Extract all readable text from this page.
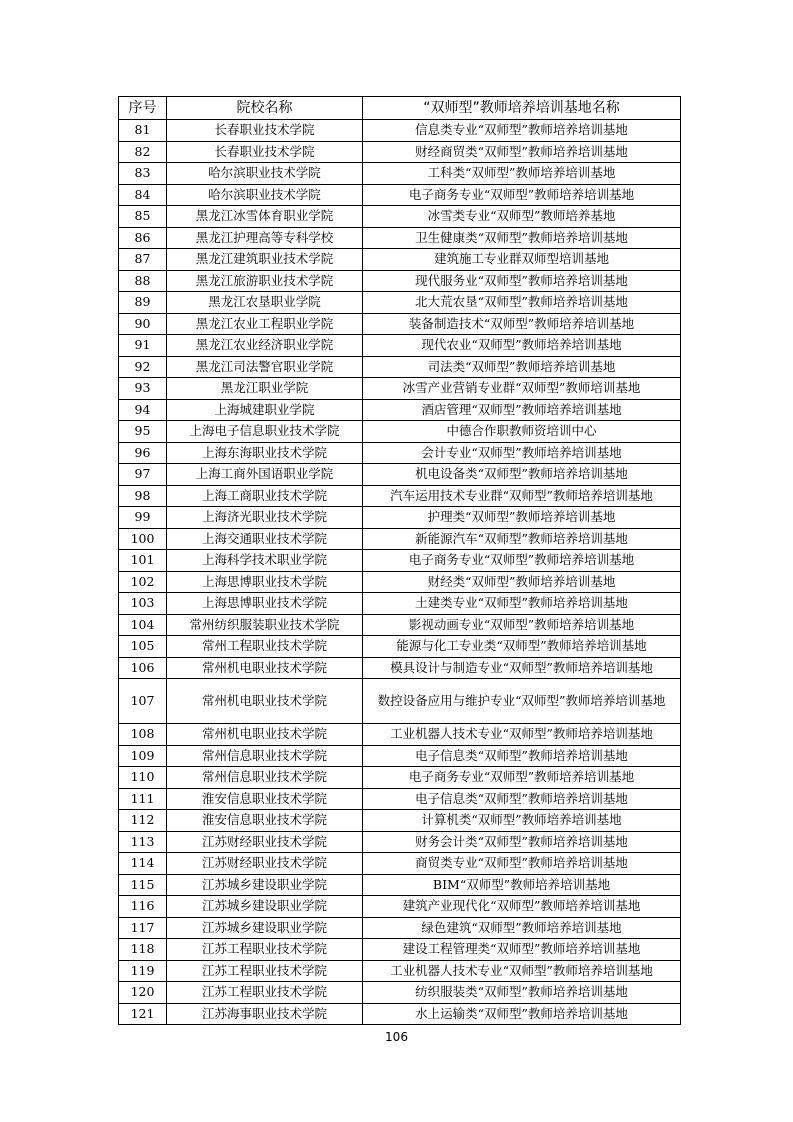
序号	院校名称	“双师型”教师培养培训基地名称
81	长春职业技术学院	信息类专业“双师型”教师培养培训基地
82	长春职业技术学院	财经商贸类“双师型”教师培养培训基地
83	哈尔滨职业技术学院	工科类“双师型”教师培养培训基地
84	哈尔滨职业技术学院	电子商务专业“双师型”教师培养培训基地
85	黑龙江冰雪体育职业学院	冰雪类专业“双师型”教师培养基地
86	黑龙江护理高等专科学校	卫生健康类“双师型”教师培养培训基地
87	黑龙江建筑职业技术学院	建筑施工专业群双师型培训基地
88	黑龙江旅游职业技术学院	现代服务业“双师型”教师培养培训基地
89	黑龙江农垦职业学院	北大荒农垦“双师型”教师培养培训基地
90	黑龙江农业工程职业学院	装备制造技术“双师型”教师培养培训基地
91	黑龙江农业经济职业学院	现代农业“双师型”教师培养培训基地
92	黑龙江司法警官职业学院	司法类“双师型”教师培养培训基地
93	黑龙江职业学院	冰雪产业营销专业群“双师型”教师培训基地
94	上海城建职业学院	酒店管理“双师型”教师培养培训基地
95	上海电子信息职业技术学院	中德合作职教师资培训中心
96	上海东海职业技术学院	会计专业“双师型”教师培养培训基地
97	上海工商外国语职业学院	机电设备类“双师型”教师培养培训基地
98	上海工商职业技术学院	汽车运用技术专业群“双师型”教师培养培训基地
99	上海济光职业技术学院	护理类“双师型”教师培养培训基地
100	上海交通职业技术学院	新能源汽车“双师型”教师培养培训基地
101	上海科学技术职业学院	电子商务专业“双师型”教师培养培训基地
102	上海思博职业技术学院	财经类“双师型”教师培养培训基地
103	上海思博职业技术学院	土建类专业“双师型”教师培养培训基地
104	常州纺织服装职业技术学院	影视动画专业“双师型”教师培养培训基地
105	常州工程职业技术学院	能源与化工专业类“双师型”教师培养培训基地
106	常州机电职业技术学院	模具设计与制造专业“双师型”教师培养培训基地
107	常州机电职业技术学院	数控设备应用与维护专业“双师型”教师培养培训基地
108	常州机电职业技术学院	工业机器人技术专业“双师型”教师培养培训基地
109	常州信息职业技术学院	电子信息类“双师型”教师培养培训基地
110	常州信息职业技术学院	电子商务专业“双师型”教师培养培训基地
111	淮安信息职业技术学院	电子信息类“双师型”教师培养培训基地
112	淮安信息职业技术学院	计算机类“双师型”教师培养培训基地
113	江苏财经职业技术学院	财务会计类“双师型”教师培养培训基地
114	江苏财经职业技术学院	商贸类专业“双师型”教师培养培训基地
115	江苏城乡建设职业学院	BIM“双师型”教师培养培训基地
116	江苏城乡建设职业学院	建筑产业现代化“双师型”教师培养培训基地
117	江苏城乡建设职业学院	绿色建筑“双师型”教师培养培训基地
118	江苏工程职业技术学院	建设工程管理类“双师型”教师培养培训基地
119	江苏工程职业技术学院	工业机器人技术专业“双师型”教师培养培训基地
120	江苏工程职业技术学院	纺织服装类“双师型”教师培养培训基地
121	江苏海事职业技术学院	水上运输类“双师型”教师培养培训基地
106
